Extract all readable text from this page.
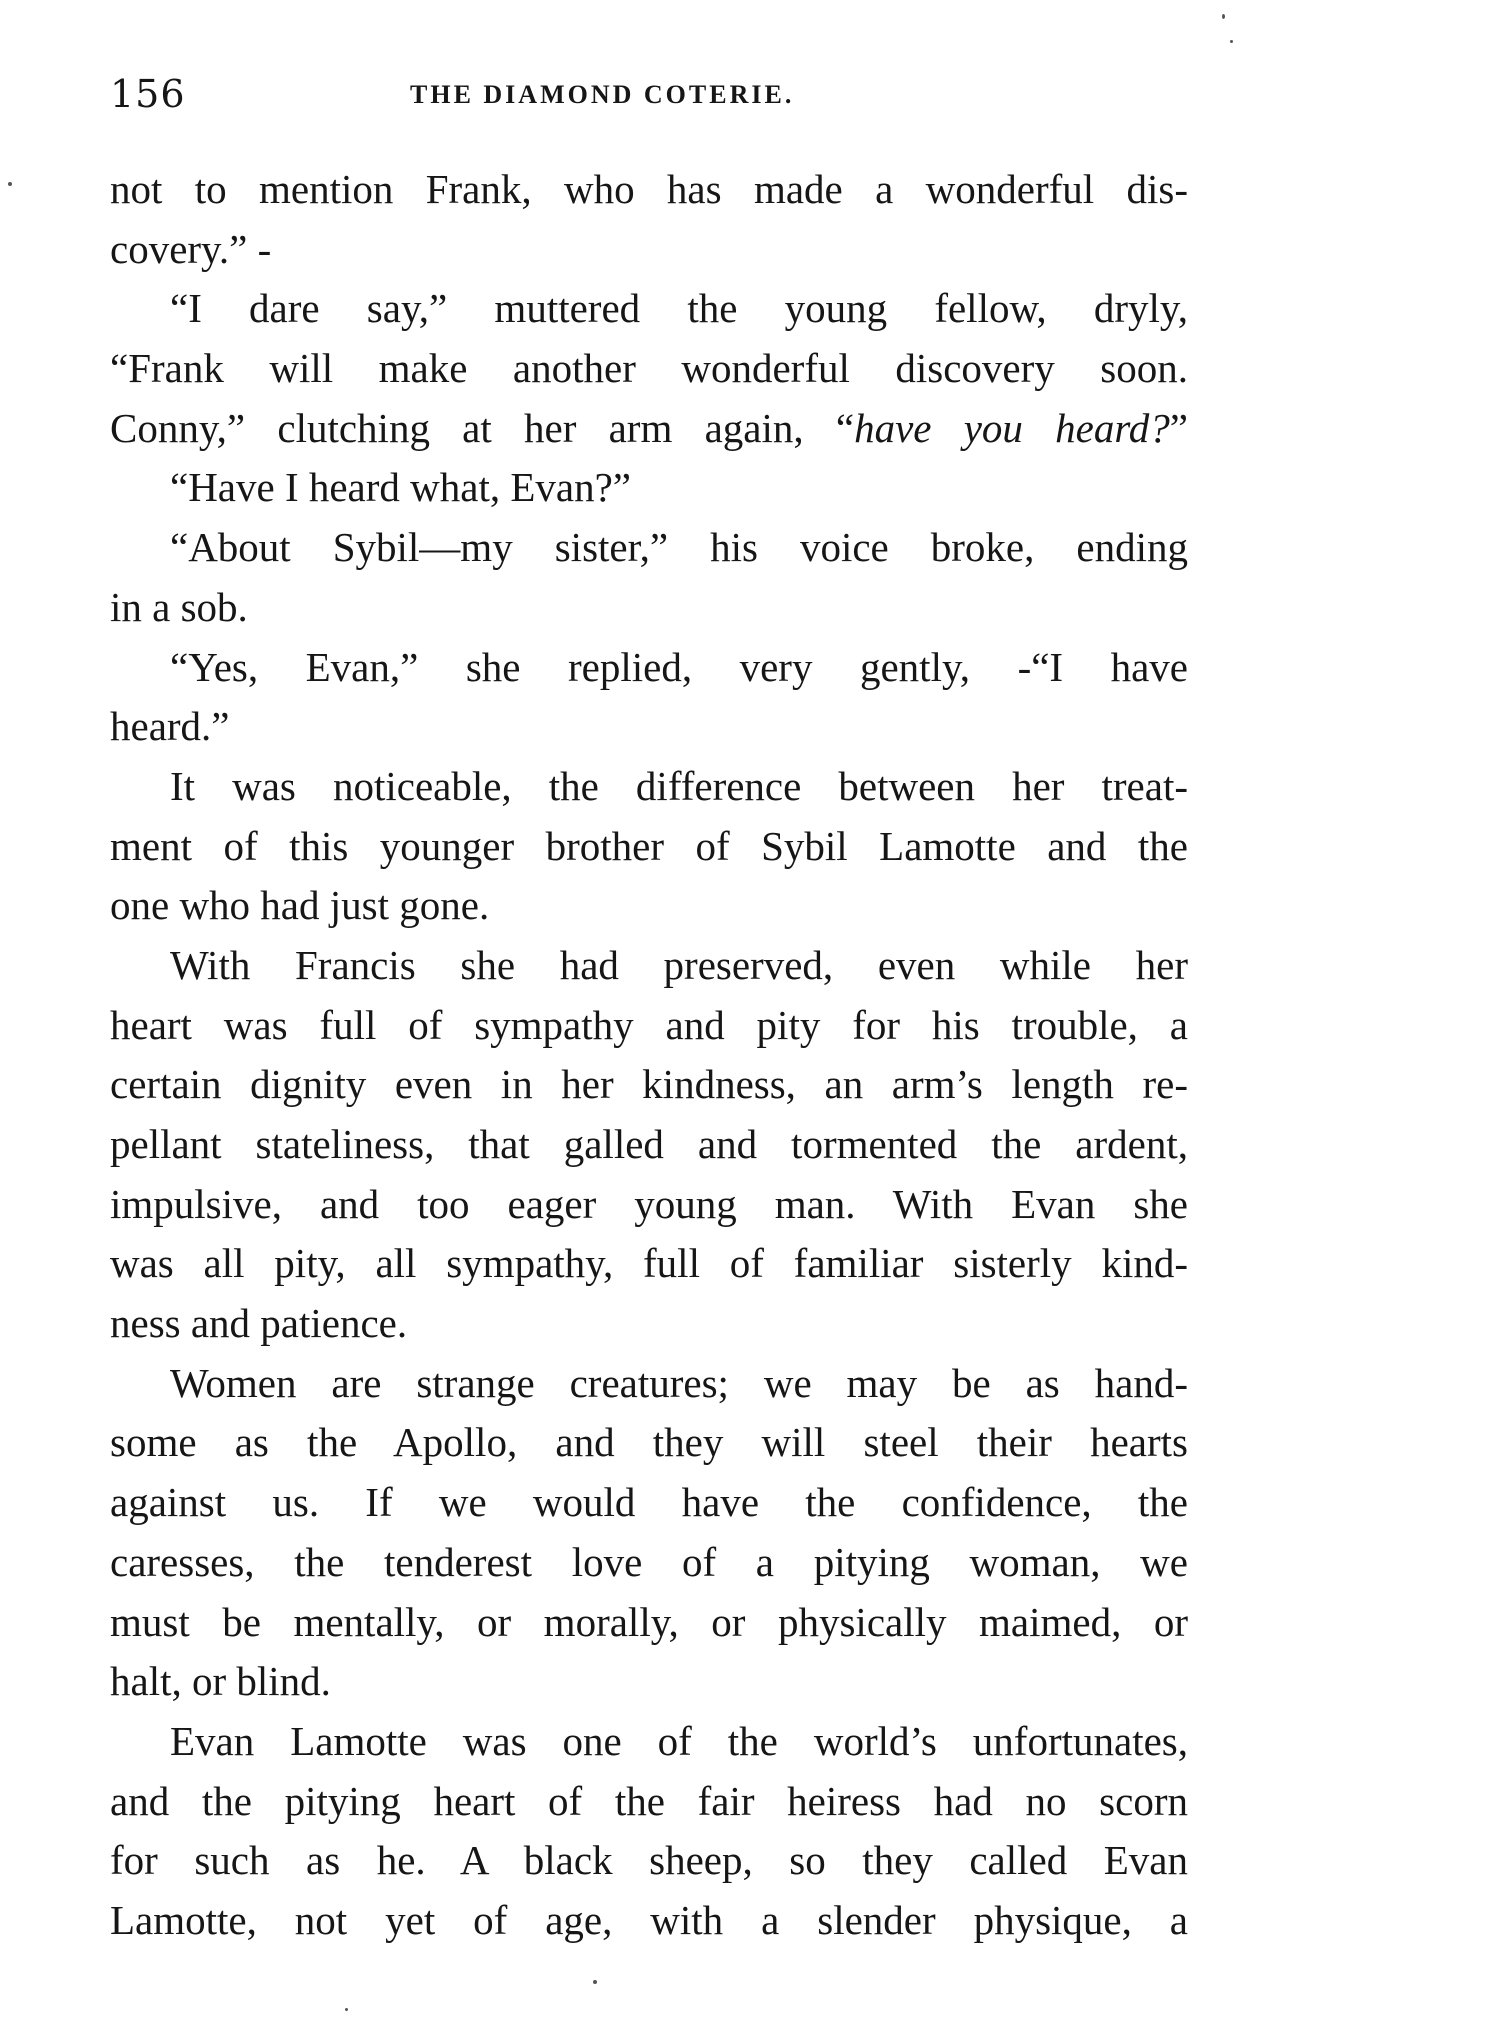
156	THE DIAMOND COTERIE.
not to mention Frank, who has made a wonderful dis-
covery.” -
“I dare say,” muttered the young fellow, dryly,
“Frank will make another wonderful discovery soon.
Conny,” clutching at her arm again, “have you heard?”
“Have I heard what, Evan?”
“About Sybil—my sister,” his voice broke, ending
in a sob.
“Yes, Evan,” she replied, very gently, -“I have
heard.”
It was noticeable, the difference between her treat-
ment of this younger brother of Sybil Lamotte and the
one who had just gone.
With Francis she had preserved, even while her
heart was full of sympathy and pity for his trouble, a
certain dignity even in her kindness, an arm’s length re-
pellant stateliness, that galled and tormented the ardent,
impulsive, and too eager young man. With Evan she
was all pity, all sympathy, full of familiar sisterly kind-
ness and patience.
Women are strange creatures; we may be as hand-
some as the Apollo, and they will steel their hearts
against us. If we would have the confidence, the
caresses, the tenderest love of a pitying woman, we
must be mentally, or morally, or physically maimed, or
halt, or blind.
Evan Lamotte was one of the world’s unfortunates,
and the pitying heart of the fair heiress had no scorn
for such as he. A black sheep, so they called Evan
Lamotte, not yet of age, with a slender physique, a
